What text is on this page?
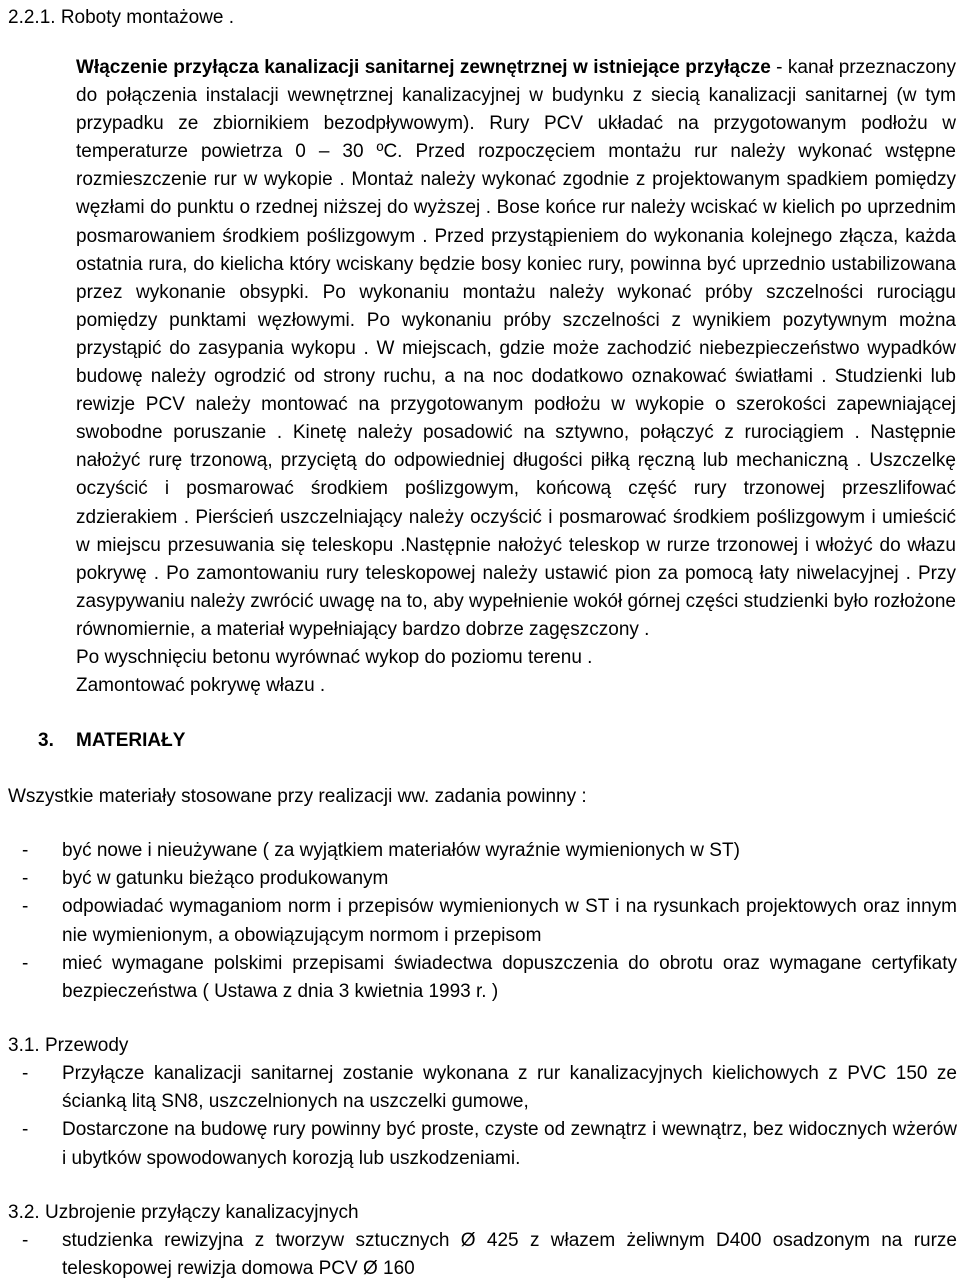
2.2.1. Roboty montażowe .
Włączenie przyłącza kanalizacji sanitarnej zewnętrznej w istniejące przyłącze - kanał przeznaczony do połączenia instalacji wewnętrznej kanalizacyjnej w budynku z siecią kanalizacji sanitarnej (w tym przypadku ze zbiornikiem bezodpływowym). Rury PCV układać na przygotowanym podłożu w temperaturze powietrza 0 – 30 ºC. Przed rozpoczęciem montażu rur należy wykonać wstępne rozmieszczenie rur w wykopie . Montaż należy wykonać zgodnie z projektowanym spadkiem pomiędzy węzłami do punktu o rzednej niższej do wyższej . Bose końce rur należy wciskać w kielich po uprzednim posmarowaniem środkiem poślizgowym . Przed przystąpieniem do wykonania kolejnego złącza, każda ostatnia rura, do kielicha który wciskany będzie bosy koniec rury, powinna być uprzednio ustabilizowana przez wykonanie obsypki. Po wykonaniu montażu należy wykonać próby szczelności rurociągu pomiędzy punktami węzłowymi. Po wykonaniu próby szczelności z wynikiem pozytywnym można przystąpić do zasypania wykopu . W miejscach, gdzie może zachodzić niebezpieczeństwo wypadków budowę należy ogrodzić od strony ruchu, a na noc dodatkowo oznakować światłami . Studzienki lub rewizje PCV należy montować na przygotowanym podłożu w wykopie o szerokości zapewniającej swobodne poruszanie . Kinetę należy posadowić na sztywno, połączyć z rurociągiem . Następnie nałożyć rurę trzonową, przyciętą do odpowiedniej długości piłką ręczną lub mechaniczną . Uszczelkę oczyścić i posmarować środkiem poślizgowym, końcową część rury trzonowej przeszlifować zdzierakiem . Pierścień uszczelniający należy oczyścić i posmarować środkiem poślizgowym i umieścić w miejscu przesuwania się teleskopu .Następnie nałożyć teleskop w rurze trzonowej i włożyć do włazu pokrywę . Po zamontowaniu rury teleskopowej należy ustawić pion za pomocą łaty niwelacyjnej . Przy zasypywaniu należy zwrócić uwagę na to, aby wypełnienie wokół górnej części studzienki było rozłożone równomiernie, a materiał wypełniający bardzo dobrze zagęszczony .
Po wyschnięciu betonu wyrównać wykop do poziomu terenu .
Zamontować pokrywę włazu .
3. MATERIAŁY
Wszystkie materiały stosowane przy realizacji ww. zadania powinny :
- być nowe i nieużywane ( za wyjątkiem materiałów wyraźnie wymienionych w ST)
- być w gatunku bieżąco produkowanym
- odpowiadać wymaganiom norm i przepisów wymienionych w ST i na rysunkach projektowych oraz innym nie wymienionym, a obowiązującym normom i przepisom
- mieć wymagane polskimi przepisami świadectwa dopuszczenia do obrotu oraz wymagane certyfikaty bezpieczeństwa ( Ustawa z dnia 3 kwietnia 1993 r. )
3.1. Przewody
- Przyłącze kanalizacji sanitarnej zostanie wykonana z rur kanalizacyjnych kielichowych z PVC 150 ze ścianką litą SN8, uszczelnionych na uszczelki gumowe,
- Dostarczone na budowę rury powinny być proste, czyste od zewnątrz i wewnątrz, bez widocznych wżerów i ubytków spowodowanych korozją lub uszkodzeniami.
3.2. Uzbrojenie przyłączy kanalizacyjnych
- studzienka rewizyjna z tworzyw sztucznych Ø 425 z włazem żeliwnym D400 osadzonym na rurze teleskopowej rewizja domowa PCV Ø 160
